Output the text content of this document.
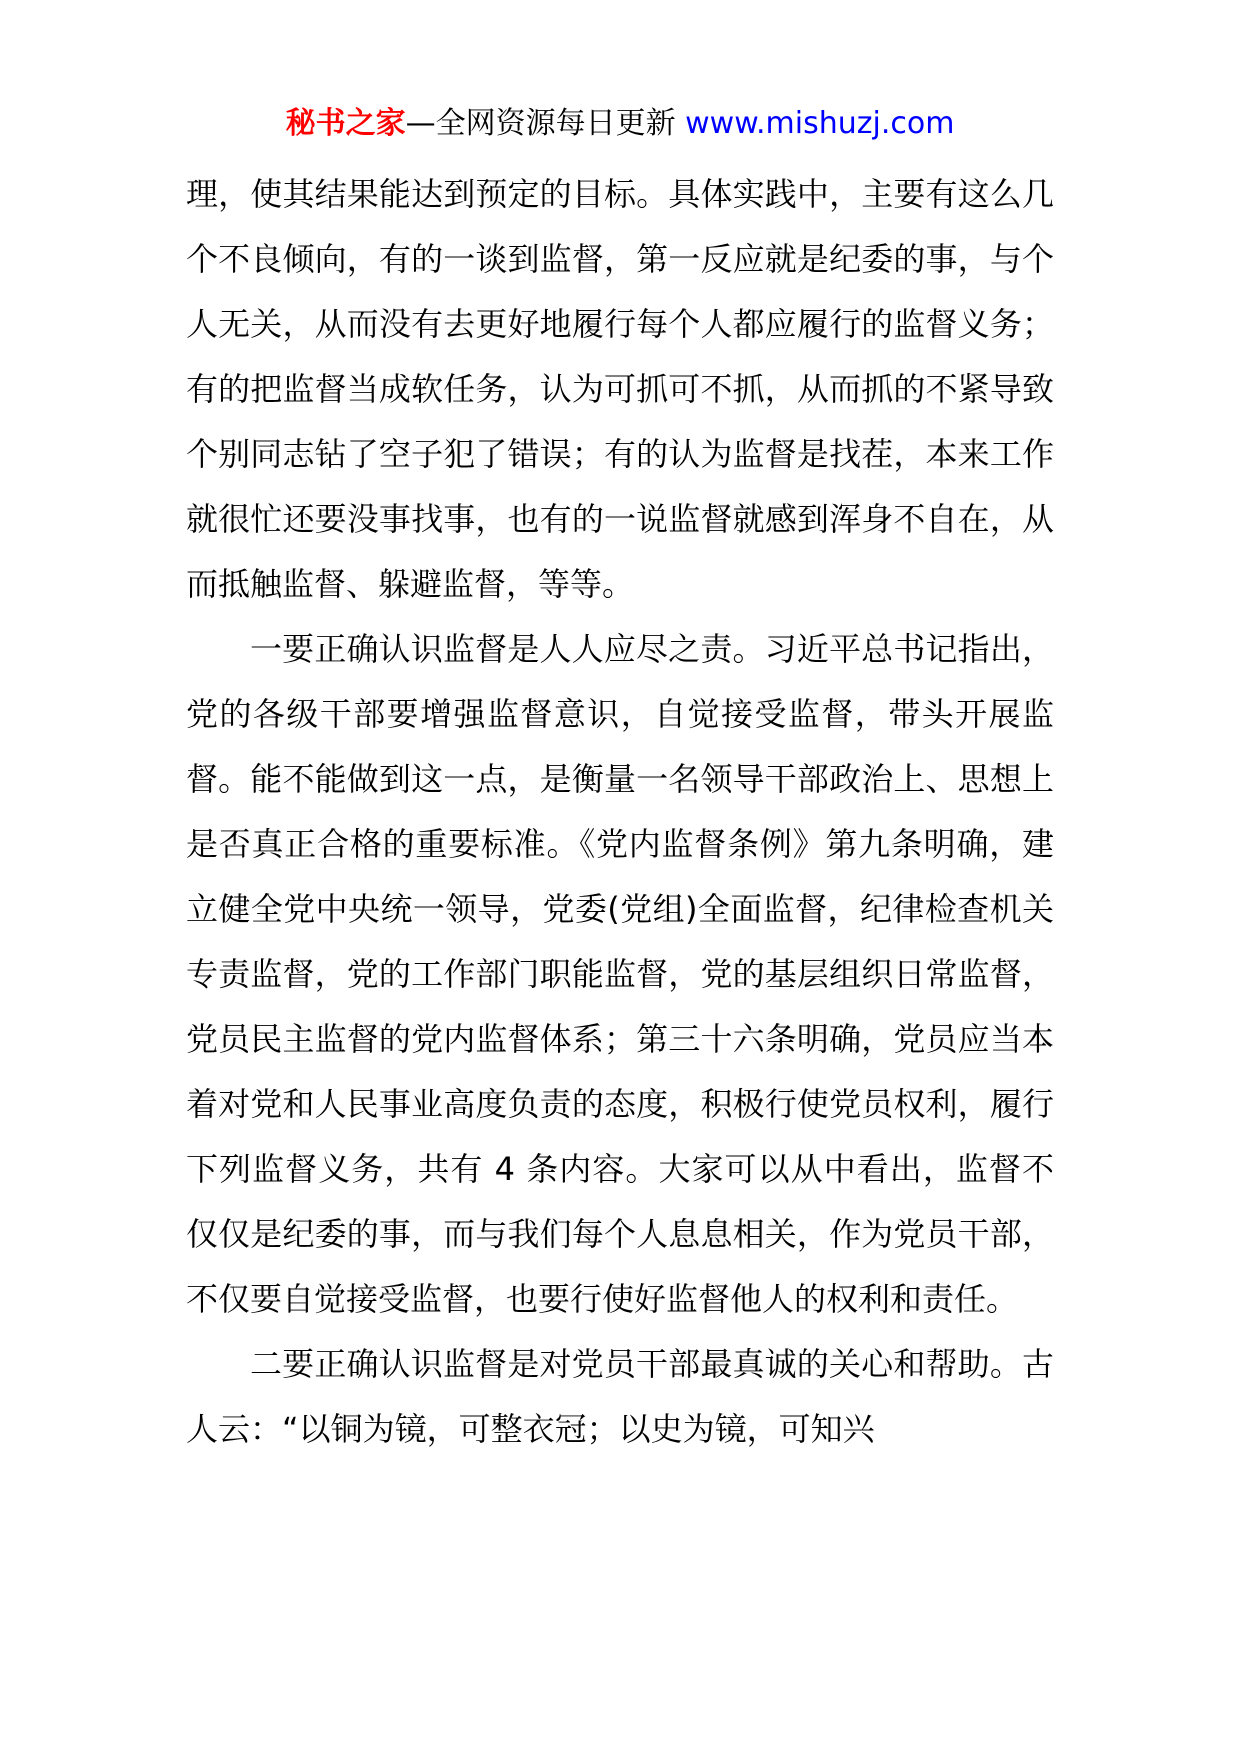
秘书之家—全网资源每日更新 www.mishuzj.com

理，使其结果能达到预定的目标。具体实践中，主要有这么几个不良倾向，有的一谈到监督，第一反应就是纪委的事，与个人无关，从而没有去更好地履行每个人都应履行的监督义务；有的把监督当成软任务，认为可抓可不抓，从而抓的不紧导致个别同志钻了空子犯了错误；有的认为监督是找茬，本来工作就很忙还要没事找事，也有的一说监督就感到浑身不自在，从而抵触监督、躲避监督，等等。

一要正确认识监督是人人应尽之责。习近平总书记指出，党的各级干部要增强监督意识，自觉接受监督，带头开展监督。能不能做到这一点，是衡量一名领导干部政治上、思想上是否真正合格的重要标准。《党内监督条例》第九条明确，建立健全党中央统一领导，党委(党组)全面监督，纪律检查机关专责监督，党的工作部门职能监督，党的基层组织日常监督，党员民主监督的党内监督体系；第三十六条明确，党员应当本着对党和人民事业高度负责的态度，积极行使党员权利，履行下列监督义务，共有 4 条内容。大家可以从中看出，监督不仅仅是纪委的事，而与我们每个人息息相关，作为党员干部，不仅要自觉接受监督，也要行使好监督他人的权利和责任。

二要正确认识监督是对党员干部最真诚的关心和帮助。古人云：“以铜为镜，可整衣冠；以史为镜，可知兴
